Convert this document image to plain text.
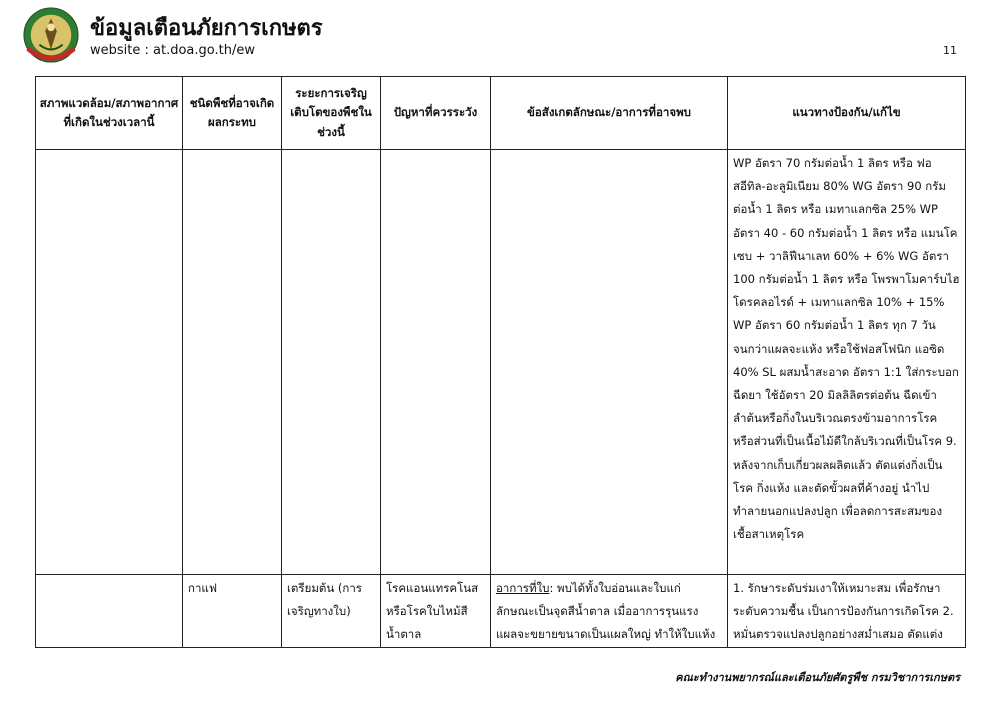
ข้อมูลเตือนภัยการเกษตร
website : at.doa.go.th/ew	11
สภาพแวดล้อม/สภาพอากาศที่เกิดในช่วงเวลานี้	ชนิดพืชที่อาจเกิดผลกระทบ	ระยะการเจริญเติบโตของพืชในช่วงนี้	ปัญหาที่ควรระวัง	ข้อสังเกตลักษณะ/อาการที่อาจพบ	แนวทางป้องกัน/แก้ไข

					WP อัตรา 70 กรัมต่อน้ำ 1 ลิตร หรือ ฟอสอีทิล-อะลูมิเนียม 80% WG อัตรา 90 กรัมต่อน้ำ 1 ลิตร หรือ เมทาแลกซิล 25% WP อัตรา 40 - 60 กรัมต่อน้ำ 1 ลิตร หรือ แมนโคเซบ + วาลิฟีนาเลท 60% + 6% WG อัตรา 100 กรัมต่อน้ำ 1 ลิตร หรือ โพรพาโมคาร์บไฮโดรคลอไรด์ + เมทาแลกซิล 10% + 15% WP อัตรา 60 กรัมต่อน้ำ 1 ลิตร ทุก 7 วัน จนกว่าแผลจะแห้ง หรือใช้ฟอสโฟนิก แอซิด 40% SL ผสมน้ำสะอาด อัตรา 1:1 ใส่กระบอกฉีดยา ใช้อัตรา 20 มิลลิลิตรต่อต้น ฉีดเข้าลำต้นหรือกิ่งในบริเวณตรงข้ามอาการโรค หรือส่วนที่เป็นเนื้อไม้ดีใกล้บริเวณที่เป็นโรค 9. หลังจากเก็บเกี่ยวผลผลิตแล้ว ตัดแต่งกิ่งเป็นโรค กิ่งแห้ง และตัดขั้วผลที่ค้างอยู่ นำไปทำลายนอกแปลงปลูก เพื่อลดการสะสมของเชื้อสาเหตุโรค

	กาแฟ	เตรียมต้น (การเจริญทางใบ)	โรคแอนแทรคโนส หรือโรคใบไหม้สีน้ำตาล	อาการที่ใบ: พบได้ทั้งใบอ่อนและใบแก่ ลักษณะเป็นจุดสีน้ำตาล เมื่ออาการรุนแรง แผลจะขยายขนาดเป็นแผลใหญ่ ทำให้ใบแห้ง	1. รักษาระดับร่มเงาให้เหมาะสม เพื่อรักษาระดับความชื้น เป็นการป้องกันการเกิดโรค 2. หมั่นตรวจแปลงปลูกอย่างสม่ำเสมอ ตัดแต่ง
คณะทำงานพยากรณ์และเตือนภัยศัตรูพืช กรมวิชาการเกษตร
